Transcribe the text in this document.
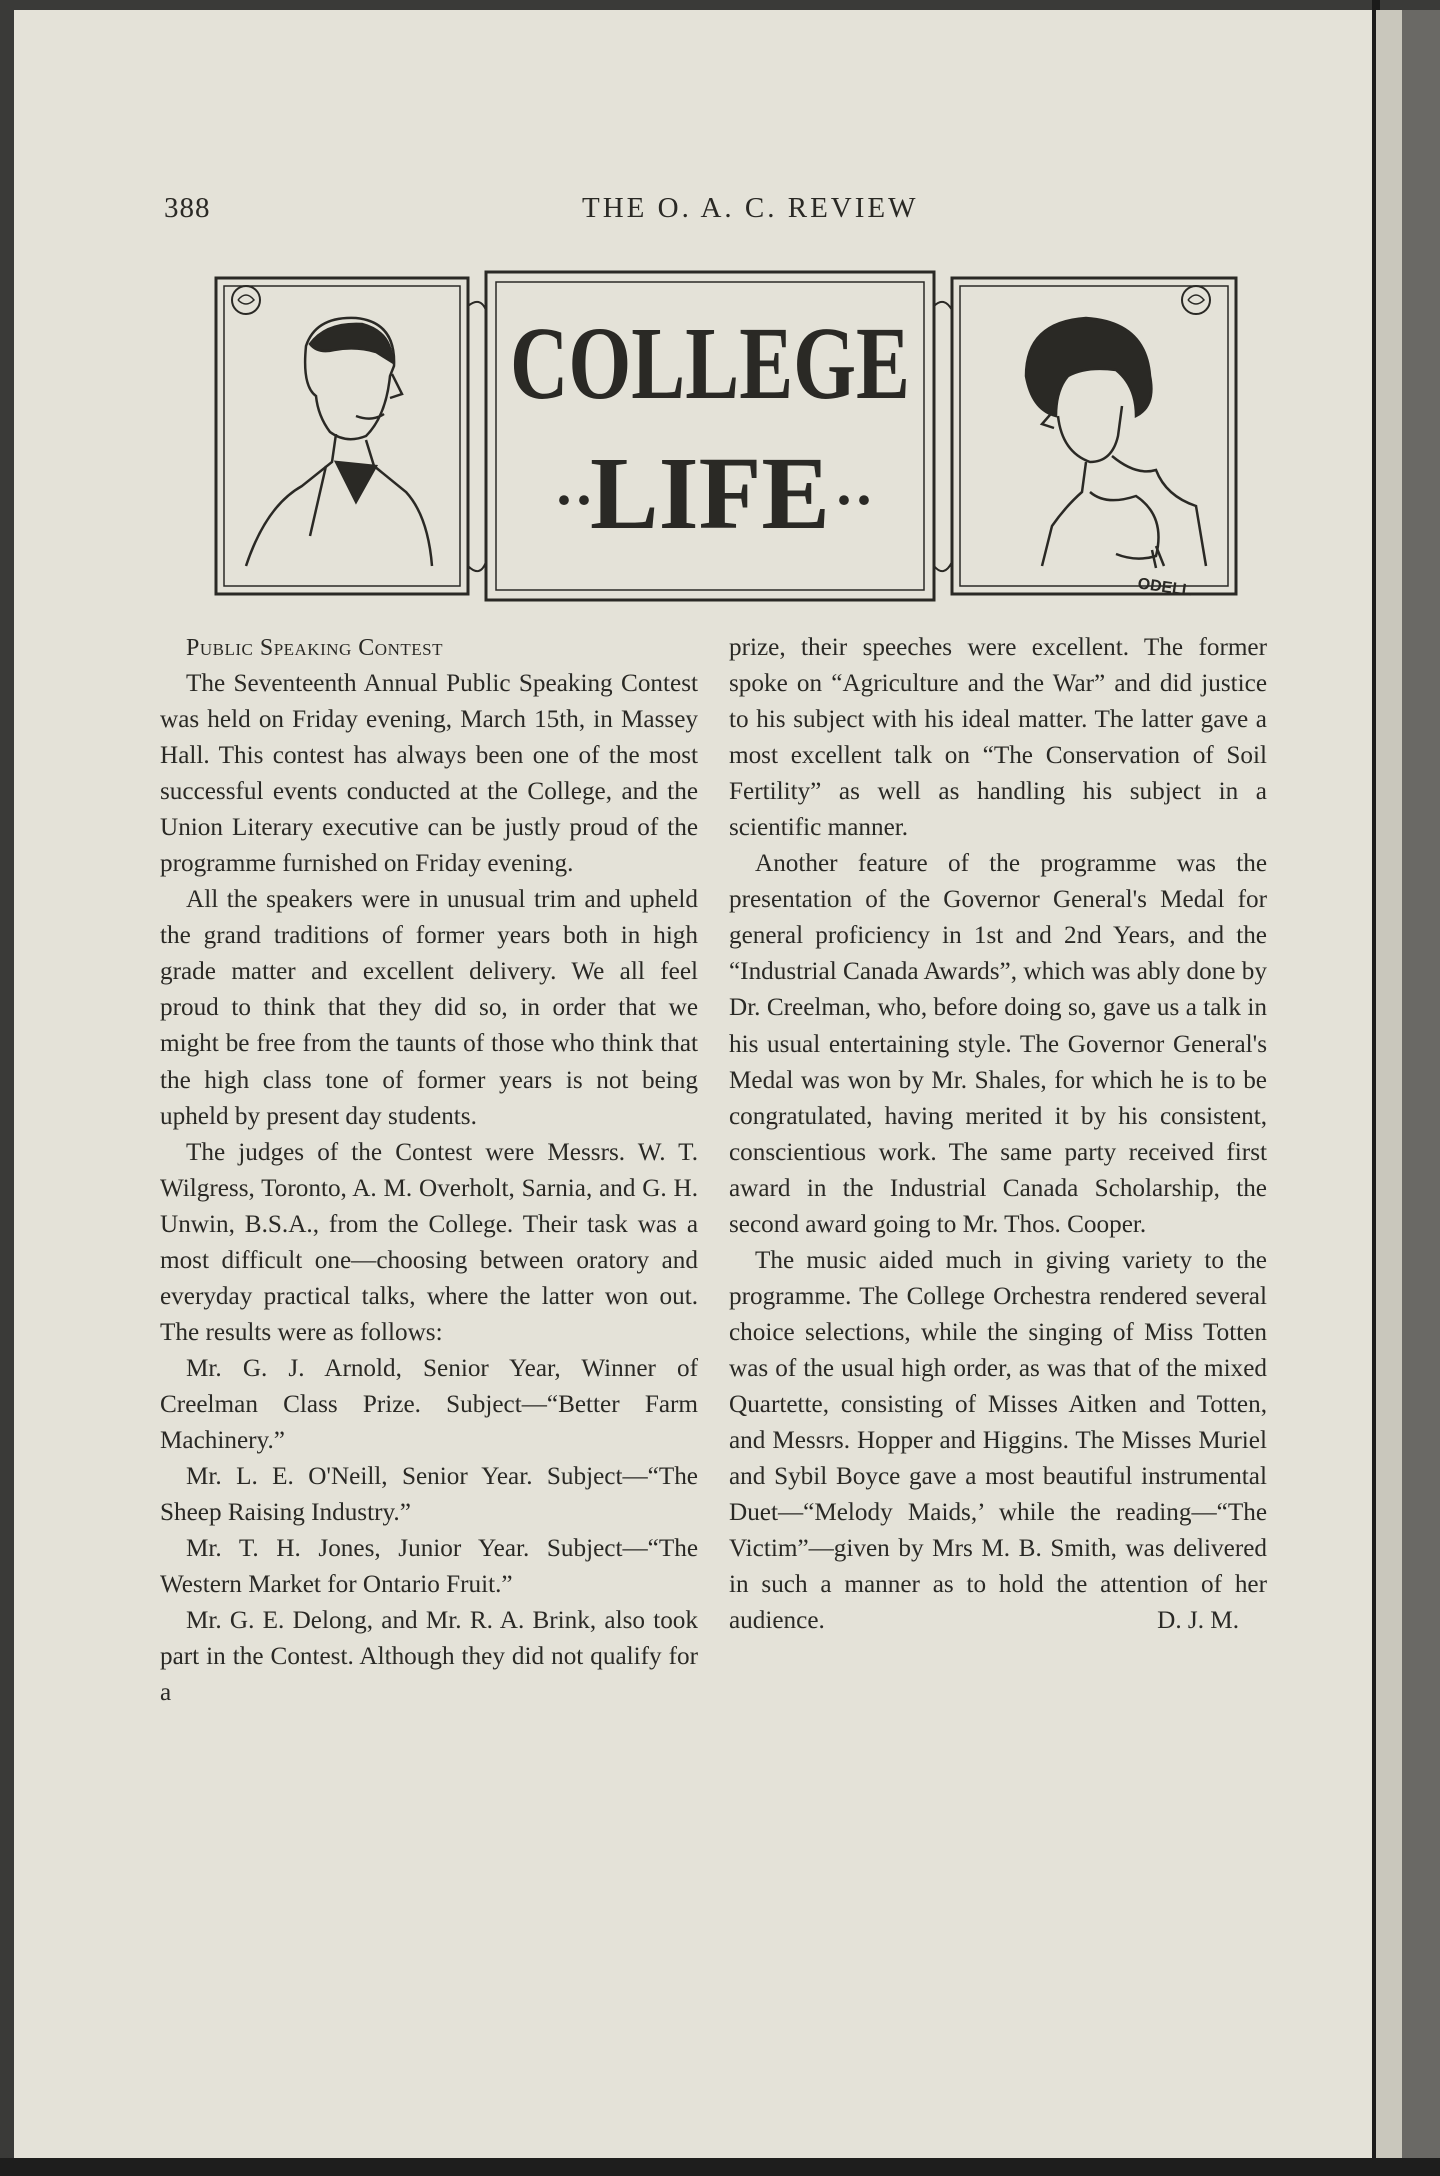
388	THE O. A. C. REVIEW
COLLEGE
··
LIFE ··
ODELL
Public Speaking Contest

The Seventeenth Annual Public Speaking Contest was held on Friday evening, March 15th, in Massey Hall. This contest has always been one of the most successful events conducted at the College, and the Union Literary executive can be justly proud of the programme furnished on Friday evening.

All the speakers were in unusual trim and upheld the grand traditions of former years both in high grade matter and excellent delivery. We all feel proud to think that they did so, in order that we might be free from the taunts of those who think that the high class tone of former years is not being upheld by present day students.

The judges of the Contest were Messrs. W. T. Wilgress, Toronto, A. M. Overholt, Sarnia, and G. H. Unwin, B.S.A., from the College. Their task was a most difficult one—choosing between oratory and everyday practical talks, where the latter won out. The results were as follows:

Mr. G. J. Arnold, Senior Year, Winner of Creelman Class Prize. Subject—“Better Farm Machinery.”

Mr. L. E. O'Neill, Senior Year. Subject—“The Sheep Raising Industry.”

Mr. T. H. Jones, Junior Year. Subject—“The Western Market for Ontario Fruit.”

Mr. G. E. Delong, and Mr. R. A. Brink, also took part in the Contest. Although they did not qualify for a

prize, their speeches were excellent. The former spoke on “Agriculture and the War” and did justice to his subject with his ideal matter. The latter gave a most excellent talk on “The Conservation of Soil Fertility” as well as handling his subject in a scientific manner.

Another feature of the programme was the presentation of the Governor General's Medal for general proficiency in 1st and 2nd Years, and the “Industrial Canada Awards”, which was ably done by Dr. Creelman, who, before doing so, gave us a talk in his usual entertaining style. The Governor General's Medal was won by Mr. Shales, for which he is to be congratulated, having merited it by his consistent, conscientious work. The same party received first award in the Industrial Canada Scholarship, the second award going to Mr. Thos. Cooper.

The music aided much in giving variety to the programme. The College Orchestra rendered several choice selections, while the singing of Miss Totten was of the usual high order, as was that of the mixed Quartette, consisting of Misses Aitken and Totten, and Messrs. Hopper and Higgins. The Misses Muriel and Sybil Boyce gave a most beautiful instrumental Duet—“Melody Maids,’ while the reading—“The Victim”—given by Mrs M. B. Smith, was delivered in such a manner as to hold the attention of her audience.	D. J. M.
